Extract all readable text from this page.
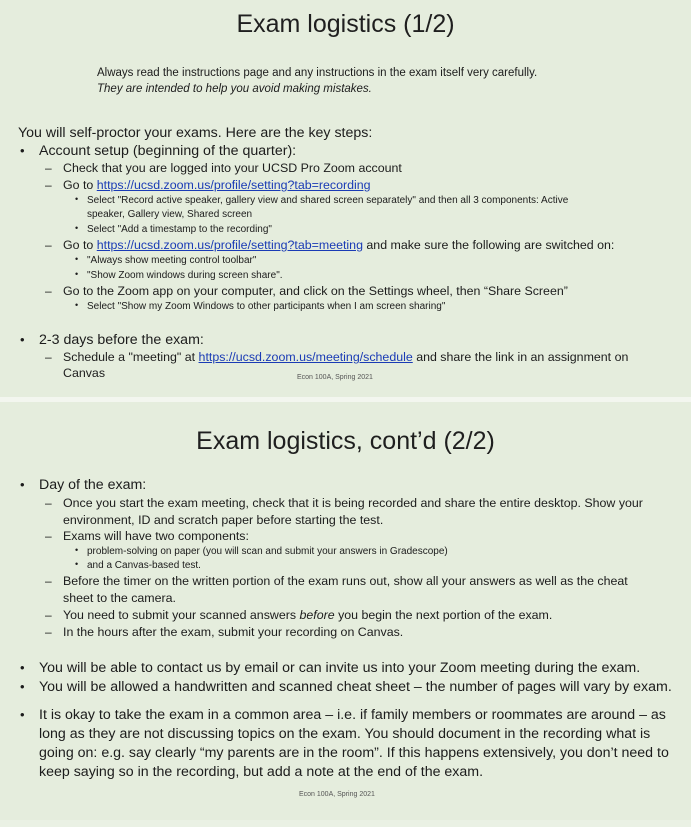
Exam logistics (1/2)
Always read the instructions page and any instructions in the exam itself very carefully.
They are intended to help you avoid making mistakes.
You will self-proctor your exams. Here are the key steps:
• Account setup (beginning of the quarter):
– Check that you are logged into your UCSD Pro Zoom account
– Go to https://ucsd.zoom.us/profile/setting?tab=recording
• Select "Record active speaker, gallery view and shared screen separately" and then all 3 components: Active
speaker, Gallery view, Shared screen
• Select "Add a timestamp to the recording"
– Go to https://ucsd.zoom.us/profile/setting?tab=meeting and make sure the following are switched on:
• "Always show meeting control toolbar"
• "Show Zoom windows during screen share".
– Go to the Zoom app on your computer, and click on the Settings wheel, then “Share Screen”
• Select "Show my Zoom Windows to other participants when I am screen sharing"
• 2-3 days before the exam:
– Schedule a "meeting" at https://ucsd.zoom.us/meeting/schedule and share the link in an assignment on
Canvas	Econ 100A, Spring 2021
Exam logistics, cont’d (2/2)
• Day of the exam:
– Once you start the exam meeting, check that it is being recorded and share the entire desktop. Show your
environment, ID and scratch paper before starting the test.
– Exams will have two components:
• problem-solving on paper (you will scan and submit your answers in Gradescope)
• and a Canvas-based test.
– Before the timer on the written portion of the exam runs out, show all your answers as well as the cheat
sheet to the camera.
– You need to submit your scanned answers before you begin the next portion of the exam.
– In the hours after the exam, submit your recording on Canvas.
• You will be able to contact us by email or can invite us into your Zoom meeting during the exam.
• You will be allowed a handwritten and scanned cheat sheet – the number of pages will vary by exam.
• It is okay to take the exam in a common area – i.e. if family members or roommates are around – as
long as they are not discussing topics on the exam. You should document in the recording what is
going on: e.g. say clearly “my parents are in the room”. If this happens extensively, you don’t need to
keep saying so in the recording, but add a note at the end of the exam.
Econ 100A, Spring 2021
